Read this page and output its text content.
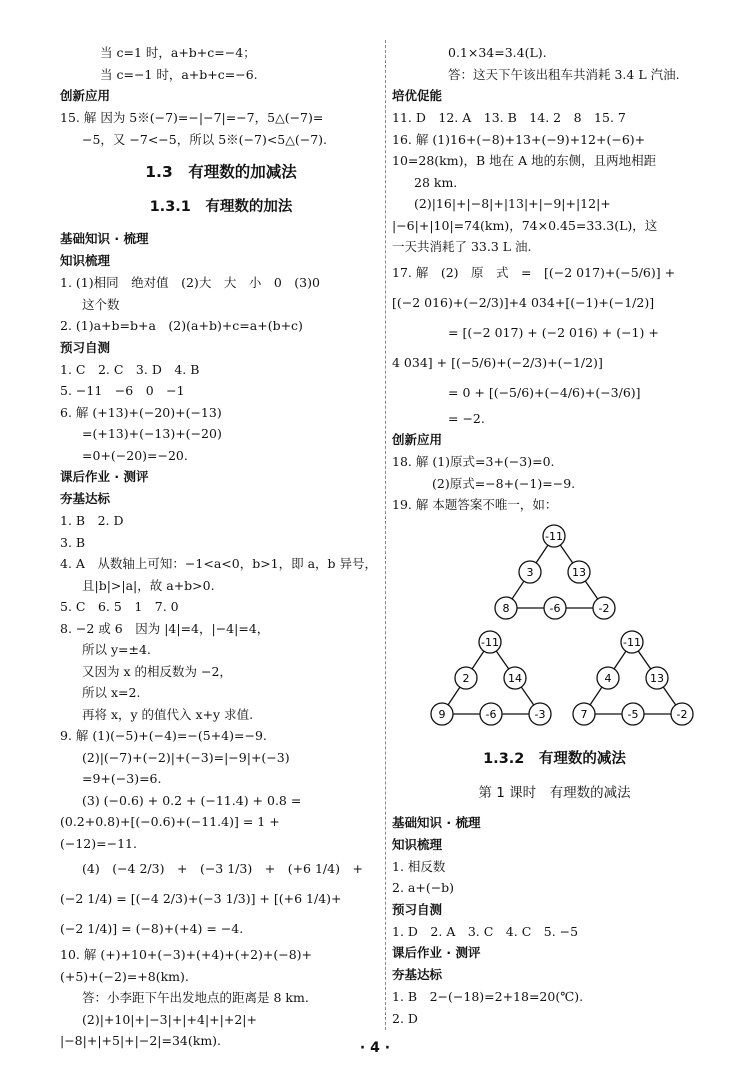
当 c=1 时，a+b+c=−4；
当 c=−1 时，a+b+c=−6.
创新应用
15. 解 因为 5※(−7)=−|−7|=−7，5△(−7)=
−5，又 −7<−5，所以 5※(−7)<5△(−7).
1.3　有理数的加减法
1.3.1　有理数的加法
基础知识 · 梳理
知识梳理
1. (1)相同　绝对值　(2)大　大　小　0　(3)0
这个数
2. (1)a+b=b+a　(2)(a+b)+c=a+(b+c)
预习自测
1. C　2. C　3. D　4. B
5. −11　−6　0　−1
6. 解 (+13)+(−20)+(−13)
=(+13)+(−13)+(−20)
=0+(−20)=−20.
课后作业 · 测评
夯基达标
1. B　2. D
3. B
4. A　从数轴上可知：−1<a<0，b>1，即 a，b 异号，
且|b|>|a|，故 a+b>0.
5. C　6. 5　1　7. 0
8. −2 或 6　因为 |4|=4，|−4|=4，
所以 y=±4.
又因为 x 的相反数为 −2，
所以 x=2.
再将 x，y 的值代入 x+y 求值.
9. 解 (1)(−5)+(−4)=−(5+4)=−9.
(2)|(−7)+(−2)|+(−3)=|−9|+(−3)
=9+(−3)=6.
(3) (−0.6) + 0.2 + (−11.4) + 0.8 =
(0.2+0.8)+[(−0.6)+(−11.4)] = 1 +
(−12)=−11.
(4)　(−4 2/3)　+　(−3 1/3)　+　(+6 1/4)　+
(−2 1/4) = [(−4 2/3)+(−3 1/3)] + [(+6 1/4)+
(−2 1/4)] = (−8)+(+4) = −4.
10. 解 (+)+10+(−3)+(+4)+(+2)+(−8)+
(+5)+(−2)=+8(km).
答：小李距下午出发地点的距离是 8 km.
(2)|+10|+|−3|+|+4|+|+2|+
|−8|+|+5|+|−2|=34(km).
0.1×34=3.4(L).
答：这天下午该出租车共消耗 3.4 L 汽油.
培优促能
11. D　12. A　13. B　14. 2　8　15. 7
16. 解 (1)16+(−8)+13+(−9)+12+(−6)+
10=28(km)，B 地在 A 地的东侧，且两地相距
28 km.
(2)|16|+|−8|+|13|+|−9|+|12|+
|−6|+|10|=74(km)，74×0.45=33.3(L)，这
一天共消耗了 33.3 L 油.
17. 解　(2)　原　式　=　[(−2 017)+(−5/6)] +
[(−2 016)+(−2/3)]+4 034+[(−1)+(−1/2)]
= [(−2 017) + (−2 016) + (−1) +
4 034] + [(−5/6)+(−2/3)+(−1/2)]
= 0 + [(−5/6)+(−4/6)+(−3/6)]
= −2.
创新应用
18. 解 (1)原式=3+(−3)=0.
(2)原式=−8+(−1)=−9.
19. 解 本题答案不唯一，如：
-11
3	13
8	-6	-2
-11
2	14
9	-6	-3
-11
4	13
7	-5	-2
1.3.2　有理数的减法
第 1 课时　有理数的减法
基础知识 · 梳理
知识梳理
1. 相反数
2. a+(−b)
预习自测
1. D　2. A　3. C　4. C　5. −5
课后作业 · 测评
夯基达标
1. B　2−(−18)=2+18=20(℃).
2. D
· 4 ·
